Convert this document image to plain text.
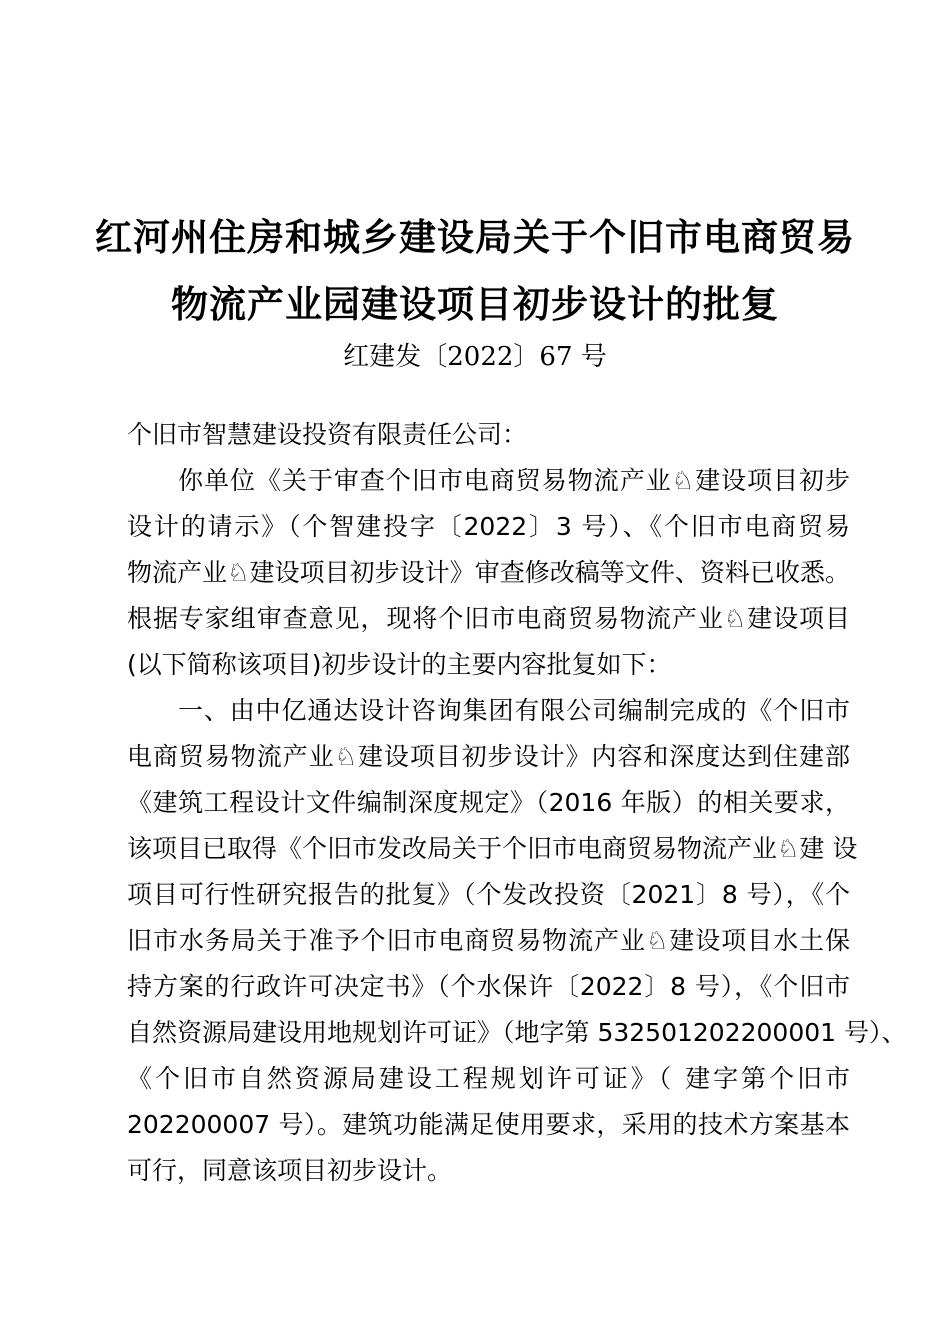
红河州住房和城乡建设局关于个旧市电商贸易
物流产业园建设项目初步设计的批复
红建发〔2022〕67 号
个旧市智慧建设投资有限责任公司：
你单位《关于审查个旧市电商贸易物流产业♘建设项目初步
设计的请示》（个智建投字〔2022〕3 号）、《个旧市电商贸易
物流产业♘建设项目初步设计》审查修改稿等文件、资料已收悉。
根据专家组审查意见，现将个旧市电商贸易物流产业♘建设项目
(以下简称该项目)初步设计的主要内容批复如下：
一、由中亿通达设计咨询集团有限公司编制完成的《个旧市
电商贸易物流产业♘建设项目初步设计》内容和深度达到住建部
《建筑工程设计文件编制深度规定》（2016 年版）的相关要求，
该项目已取得《个旧市发改局关于个旧市电商贸易物流产业♘建 设
项目可行性研究报告的批复》（个发改投资〔2021〕8 号），《个
旧市水务局关于准予个旧市电商贸易物流产业♘建设项目水土保
持方案的行政许可决定书》（个水保许〔2022〕8 号），《个旧市
自然资源局建设用地规划许可证》（地字第 532501202200001 号）、
《个旧市自然资源局建设工程规划许可证》（ 建字第个旧市
202200007 号）。建筑功能满足使用要求，采用的技术方案基本
可行，同意该项目初步设计。
